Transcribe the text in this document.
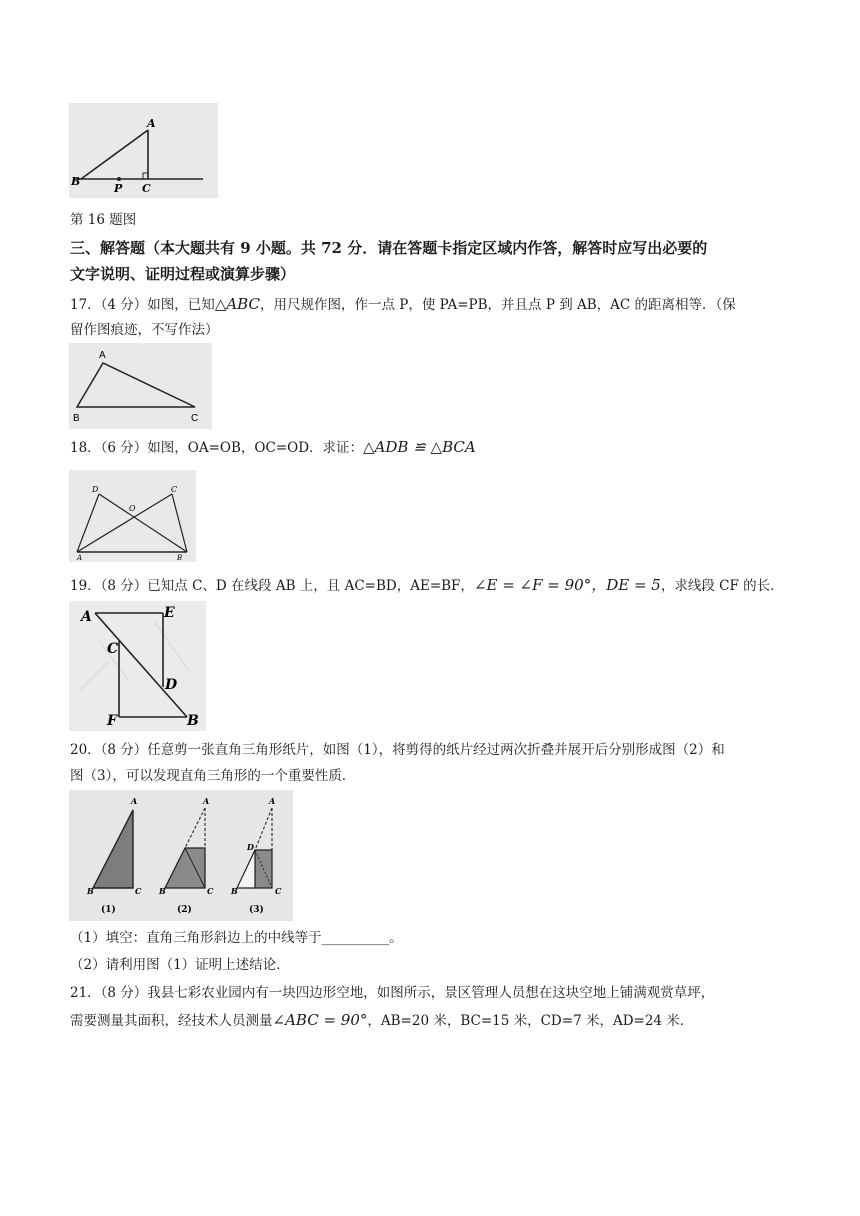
A
B
P C
第 16 题图
三、解答题（本大题共有 9 小题。共 72 分．请在答题卡指定区域内作答，解答时应写出必要的
文字说明、证明过程或演算步骤）
17．（4 分）如图，已知△ABC，用尺规作图，作一点 P，使 PA=PB，并且点 P 到 AB，AC 的距离相等．（保
留作图痕迹，不写作法）
A
B	C
18．（6 分）如图，OA=OB，OC=OD．求证：△ADB ≌ △BCA
D	C
O
A	B
19．（8 分）已知点 C、D 在线段 AB 上，且 AC=BD，AE=BF，∠E = ∠F = 90°，DE = 5，求线段 CF 的长．
A	E
C
D
F	B
20．（8 分）任意剪一张直角三角形纸片，如图（1），将剪得的纸片经过两次折叠并展开后分别形成图（2）和
图（3），可以发现直角三角形的一个重要性质．
A
B	C
(1)
A
B	C
(2)
A
D
B	C
(3)
（1）填空：直角三角形斜边上的中线等于__________。
（2）请利用图（1）证明上述结论．
21．（8 分）我县七彩农业园内有一块四边形空地，如图所示，景区管理人员想在这块空地上铺满观赏草坪，
需要测量其面积，经技术人员测量∠ABC = 90°，AB=20 米，BC=15 米，CD=7 米，AD=24 米．
